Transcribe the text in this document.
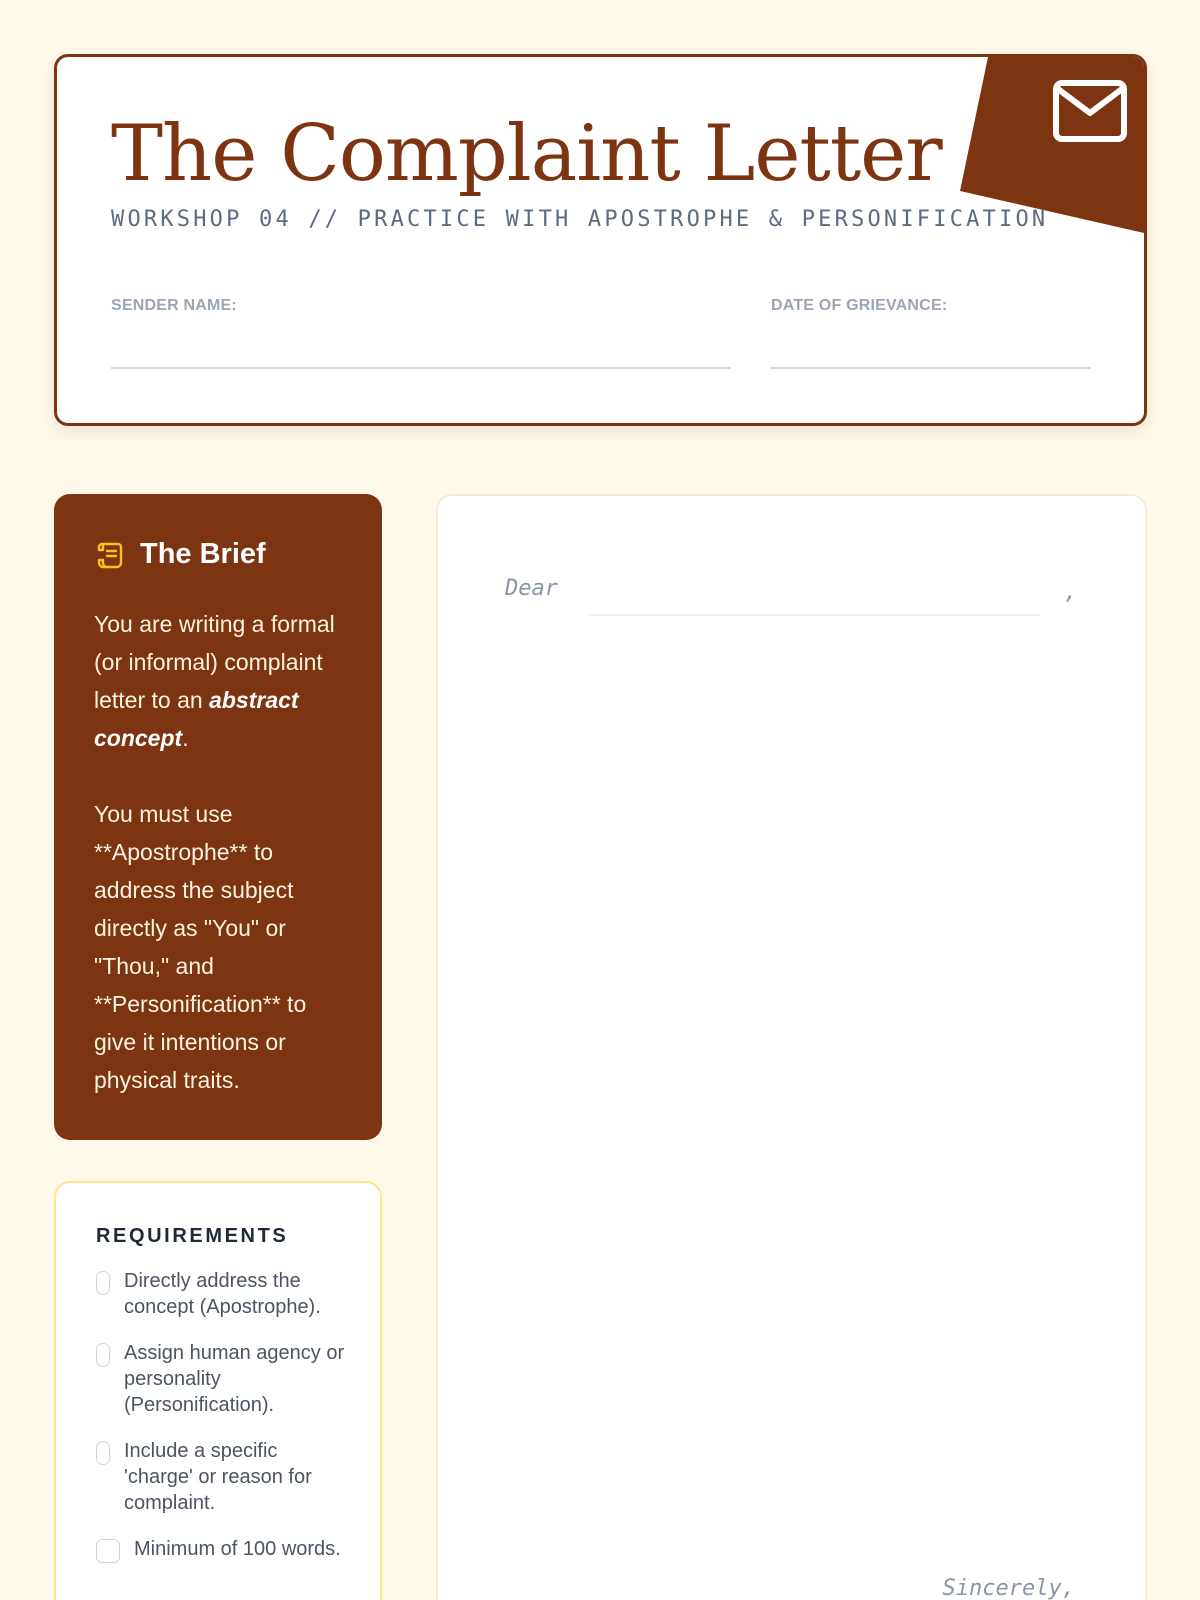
The Complaint Letter
WORKSHOP 04 // PRACTICE WITH APOSTROPHE & PERSONIFICATION
SENDER NAME:	DATE OF GRIEVANCE:
The Brief

You are writing a formal (or informal) complaint letter to an abstract concept.

You must use **Apostrophe** to address the subject directly as "You" or "Thou," and **Personification** to give it intentions or physical traits.

REQUIREMENTS
Directly address the concept (Apostrophe).
Assign human agency or personality (Personification).
Include a specific 'charge' or reason for complaint.
Minimum of 100 words.
Dear	,
Sincerely,
